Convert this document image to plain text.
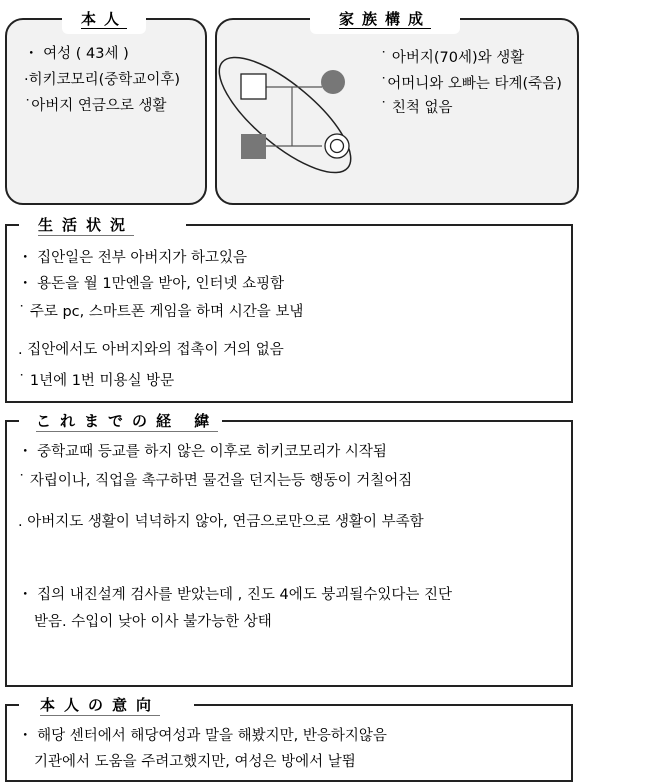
本人
・ 여성 ( 43세 )
·히키코모리(중학교이후)
˙아버지 연금으로 생활
家族構成
˙ 아버지(70세)와 생활
˙어머니와 오빠는 타계(죽음)
˙ 친척 없음
生活状況
・ 집안일은 전부 아버지가 하고있음
・ 용돈을 월 1만엔을 받아, 인터넷 쇼핑함
˙ 주로 pc, 스마트폰 게임을 하며 시간을 보냄
. 집안에서도 아버지와의 접촉이 거의 없음
˙ 1년에 1번 미용실 방문
これまでの経 緯
・ 중학교때 등교를 하지 않은 이후로 히키코모리가 시작됨
˙ 자립이나, 직업을 촉구하면 물건을 던지는등 행동이 거칠어짐
. 아버지도 생활이 넉넉하지 않아, 연금으로만으로 생활이 부족함
・ 집의 내진설계 검사를 받았는데 , 진도 4에도 붕괴될수있다는 진단
받음. 수입이 낮아 이사 불가능한 상태
本人の意向
・ 해당 센터에서 해당여성과 말을 해봤지만, 반응하지않음
기관에서 도움을 주려고했지만, 여성은 방에서 날뜀
